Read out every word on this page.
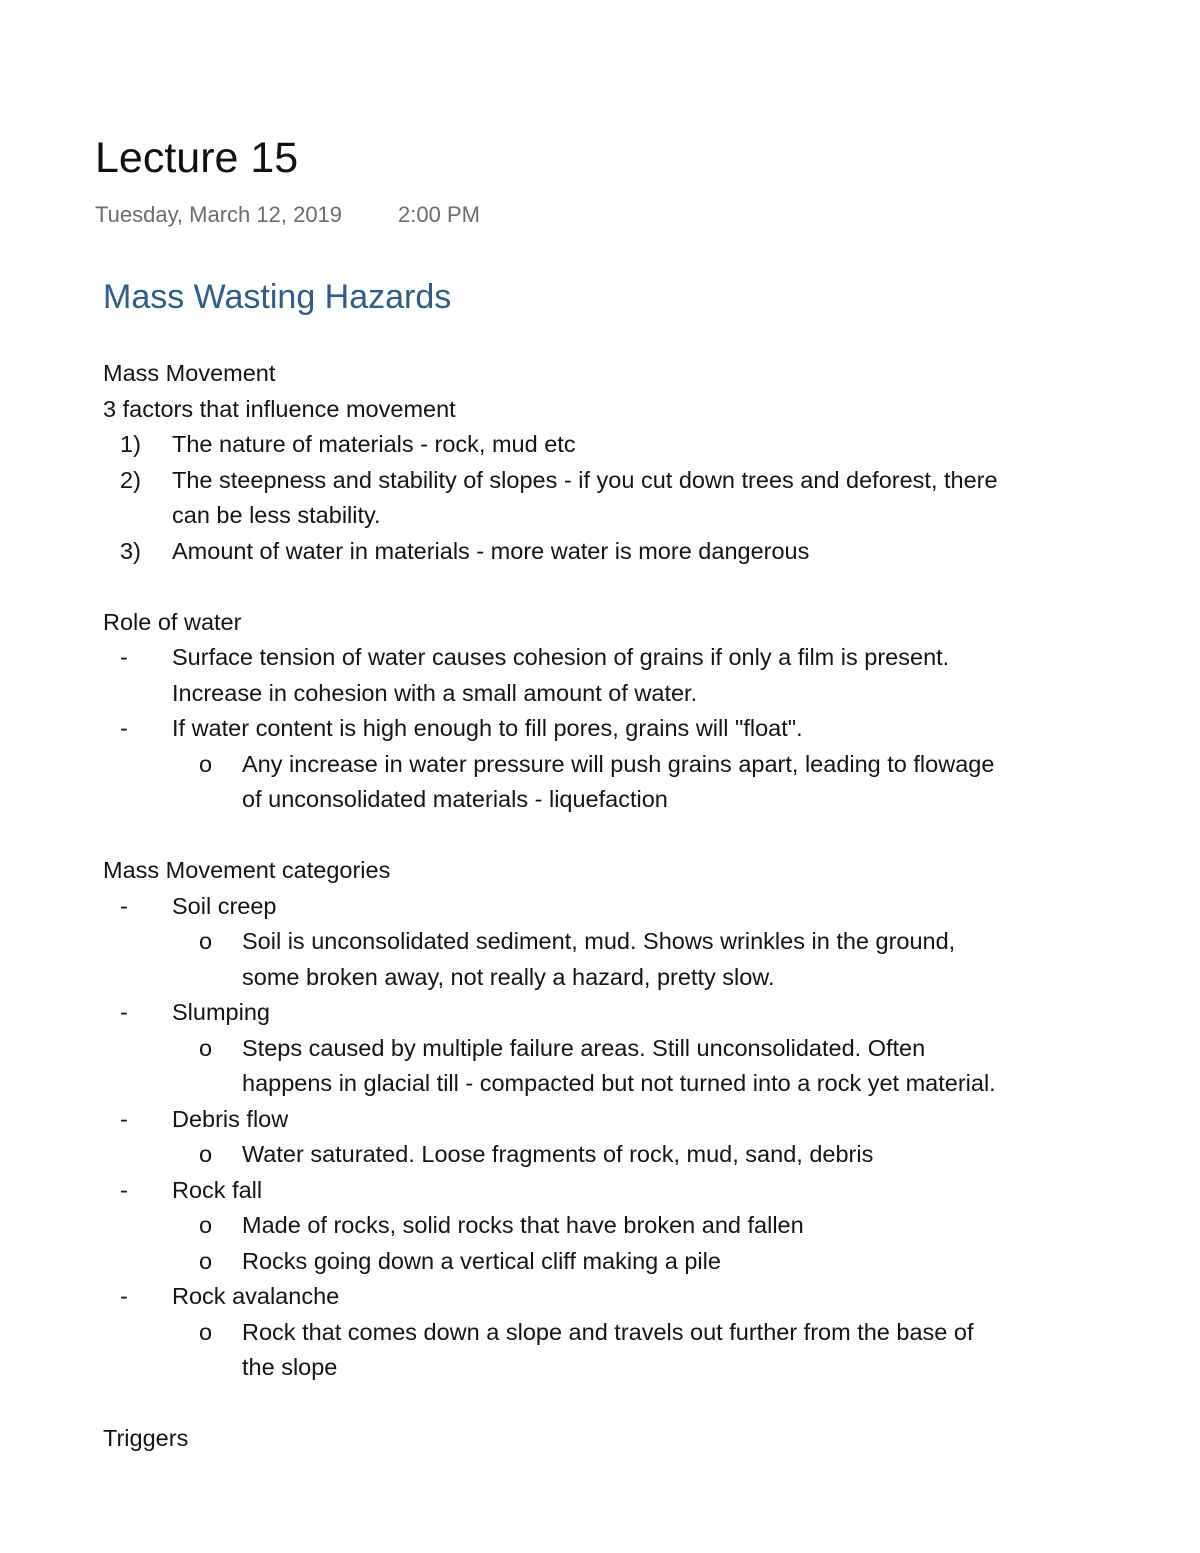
Lecture 15
Tuesday, March 12, 2019	2:00 PM
Mass Wasting Hazards
Mass Movement
3 factors that influence movement
1) The nature of materials - rock, mud etc
2) The steepness and stability of slopes - if you cut down trees and deforest, there
can be less stability.
3) Amount of water in materials - more water is more dangerous
Role of water
- Surface tension of water causes cohesion of grains if only a film is present.
Increase in cohesion with a small amount of water.
- If water content is high enough to fill pores, grains will "float".
o Any increase in water pressure will push grains apart, leading to flowage
of unconsolidated materials - liquefaction
Mass Movement categories
- Soil creep
o Soil is unconsolidated sediment, mud. Shows wrinkles in the ground,
some broken away, not really a hazard, pretty slow.
- Slumping
o Steps caused by multiple failure areas. Still unconsolidated. Often
happens in glacial till - compacted but not turned into a rock yet material.
- Debris flow
o Water saturated. Loose fragments of rock, mud, sand, debris
- Rock fall
o Made of rocks, solid rocks that have broken and fallen
o Rocks going down a vertical cliff making a pile
- Rock avalanche
o Rock that comes down a slope and travels out further from the base of
the slope
Triggers
